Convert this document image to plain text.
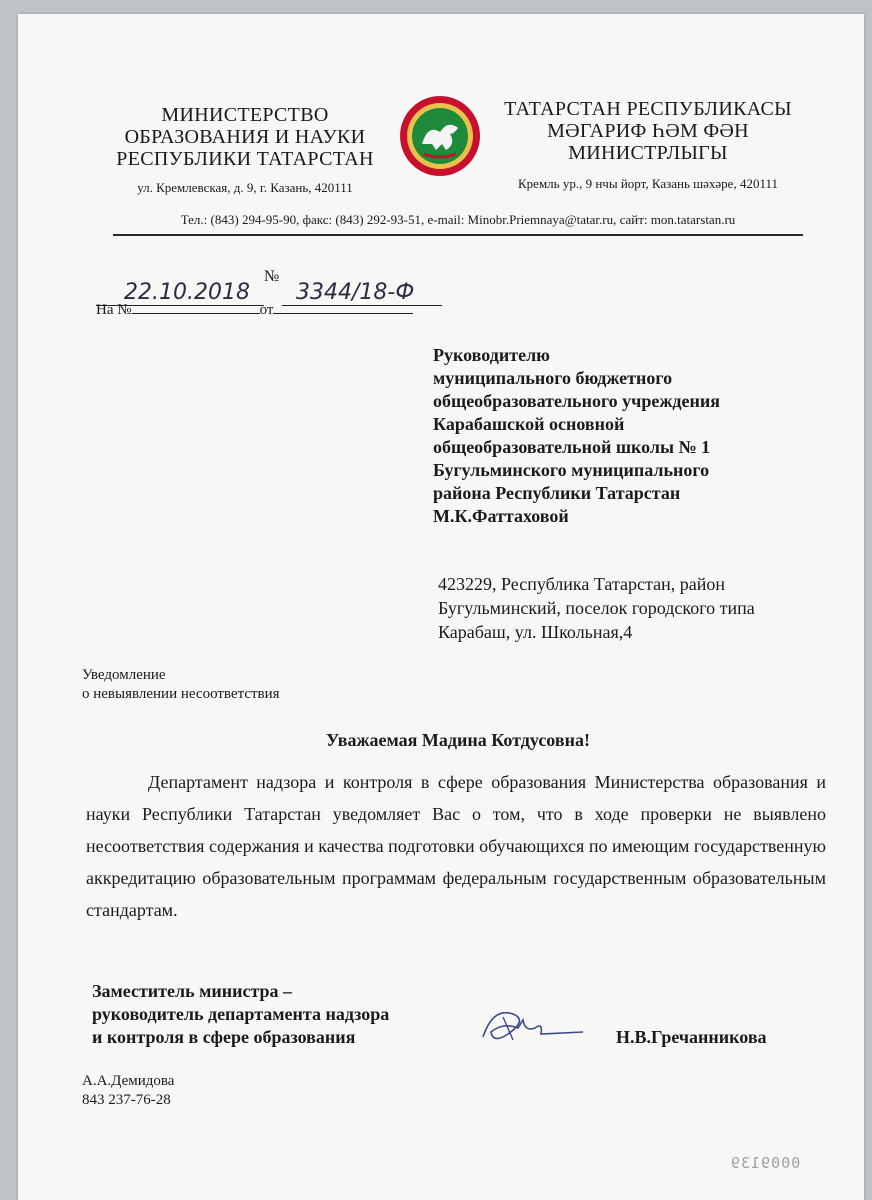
МИНИСТЕРСТВО
ОБРАЗОВАНИЯ И НАУКИ
РЕСПУБЛИКИ ТАТАРСТАН
ул. Кремлевская, д. 9, г. Казань, 420111
ТАТАРСТАН РЕСПУБЛИКАСЫ
МӘГАРИФ ҺӘМ ФӘН
МИНИСТРЛЫГЫ
Кремль ур., 9 нчы йорт, Казань шәхәре, 420111
Тел.: (843) 294-95-90, факс: (843) 292-93-51, e-mail: Minobr.Priemnaya@tatar.ru, сайт: mon.tatarstan.ru
22.10.2018
№
3344/18-Ф
На №	от
Руководителю
муниципального бюджетного
общеобразовательного учреждения
Карабашской основной
общеобразовательной школы № 1
Бугульминского муниципального
района Республики Татарстан
М.К.Фаттаховой
423229, Республика Татарстан, район
Бугульминский, поселок городского типа
Карабаш, ул. Школьная,4
Уведомление
о невыявлении несоответствия
Уважаемая Мадина Котдусовна!
Департамент надзора и контроля в сфере образования Министерства образования и науки Республики Татарстан уведомляет Вас о том, что в ходе проверки не выявлено несоответствия содержания и качества подготовки обучающихся по имеющим государственную аккредитацию образовательным программам федеральным государственным образовательным стандартам.
Заместитель министра –
руководитель департамента надзора
и контроля в сфере образования	Н.В.Гречанникова
А.А.Демидова
843 237-76-28
0009139
